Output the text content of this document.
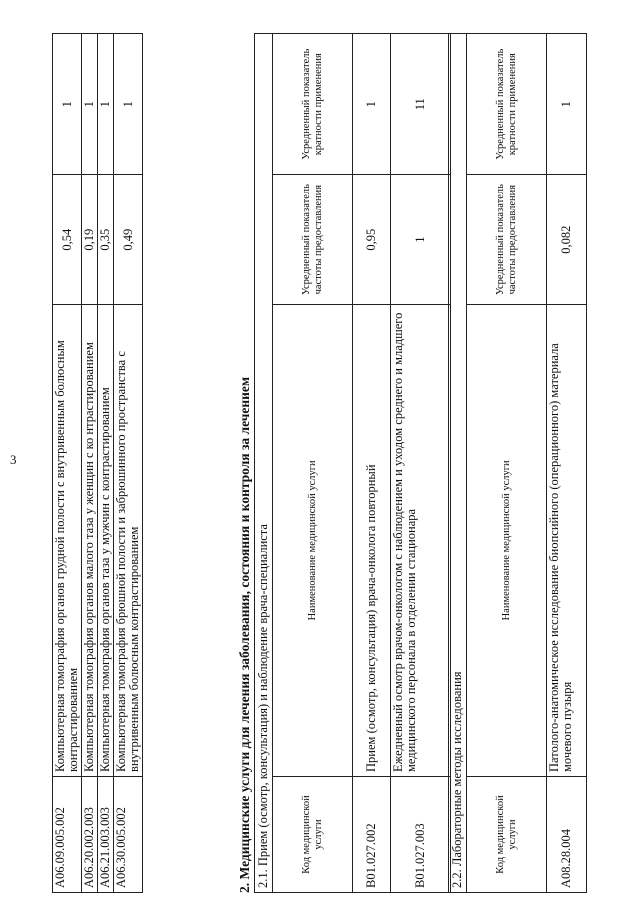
3
A06.09.005.002	Компьютерная томография органов грудной полости с внутривенным болюсным контрастированием	0,54	1
A06.20.002.003	Компьютерная томография органов малого таза у женщин с ко нтрастированием	0,19	1
A06.21.003.003	Компьютерная томография органов таза у мужчин с контрастированием	0,35	1
A06.30.005.002	Компьютерная томография брюшной полости и забрюшинного пространства с внутривенным болюсным контрастированием	0,49	1
2. Медицинские услуги для лечения заболевания, состояния и контроля за лечением 2.1. Прием (осмотр, консультация) и наблюдение врача-специалиста			
Код медицинской услуги	Наименование медицинской услуги	Усредненный показатель частоты предоставления	Усредненный показатель кратности применения
B01.027.002	Прием (осмотр, консультация) врача-онколога повторный	0,95	1
B01.027.003	Ежедневный осмотр врачом-онкологом с наблюдением и уходом среднего и младшего медицинского персонала в отделении стационара	1	11
2.2. Лабораторные методы исследования			
Код медицинской услуги	Наименование медицинской услуги	Усредненный показатель частоты предоставления	Усредненный показатель кратности применения
A08.28.004	Патолого-анатомическое исследование биопсийного (операционного) материала мочевого пузыря	0,082	1
